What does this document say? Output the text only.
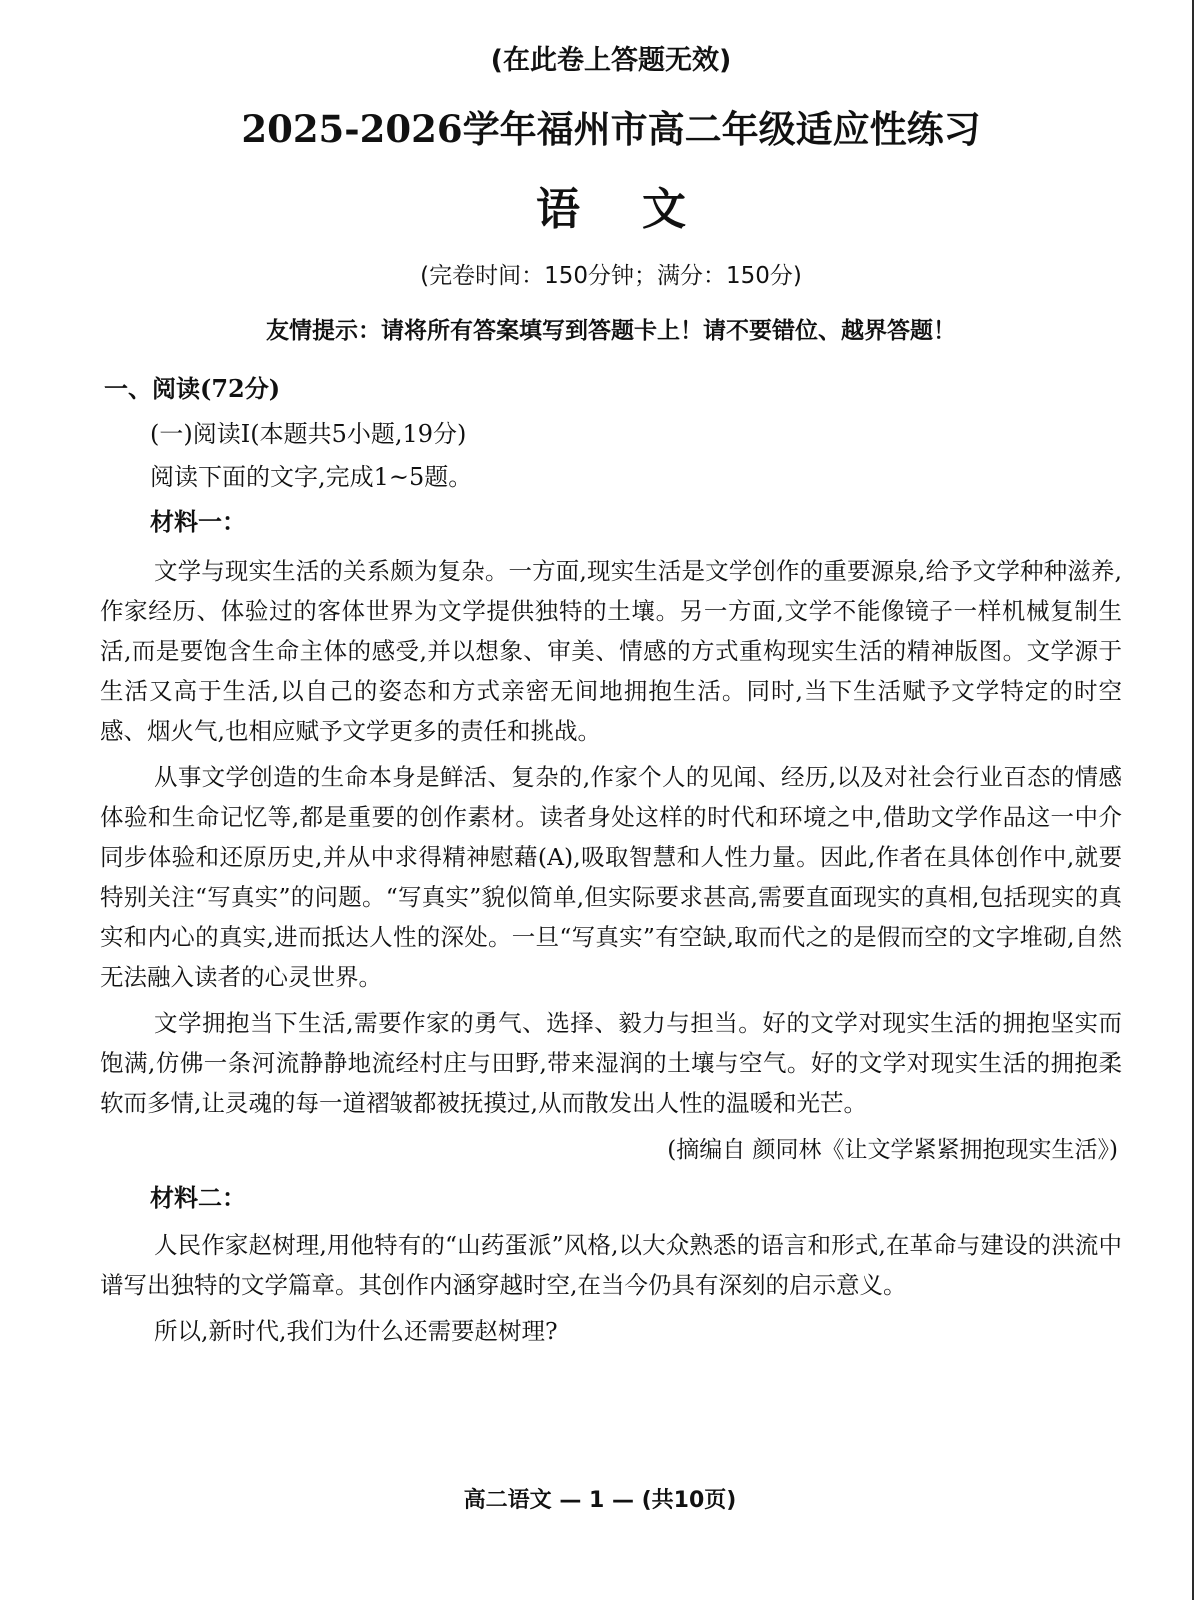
(在此卷上答题无效)
2025-2026学年福州市高二年级适应性练习
语文
(完卷时间：150分钟；满分：150分)
友情提示：请将所有答案填写到答题卡上！请不要错位、越界答题！
一、阅读(72分)
(一)阅读I(本题共5小题,19分)
阅读下面的文字,完成1~5题。
材料一：

文学与现实生活的关系颇为复杂。一方面,现实生活是文学创作的重要源泉,给予文学种种滋养,作家经历、体验过的客体世界为文学提供独特的土壤。另一方面,文学不能像镜子一样机械复制生活,而是要饱含生命主体的感受,并以想象、审美、情感的方式重构现实生活的精神版图。文学源于生活又高于生活,以自己的姿态和方式亲密无间地拥抱生活。同时,当下生活赋予文学特定的时空感、烟火气,也相应赋予文学更多的责任和挑战。

从事文学创造的生命本身是鲜活、复杂的,作家个人的见闻、经历,以及对社会行业百态的情感体验和生命记忆等,都是重要的创作素材。读者身处这样的时代和环境之中,借助文学作品这一中介同步体验和还原历史,并从中求得精神慰藉(A),吸取智慧和人性力量。因此,作者在具体创作中,就要特别关注“写真实”的问题。“写真实”貌似简单,但实际要求甚高,需要直面现实的真相,包括现实的真实和内心的真实,进而抵达人性的深处。一旦“写真实”有空缺,取而代之的是假而空的文字堆砌,自然无法融入读者的心灵世界。

文学拥抱当下生活,需要作家的勇气、选择、毅力与担当。好的文学对现实生活的拥抱坚实而饱满,仿佛一条河流静静地流经村庄与田野,带来湿润的土壤与空气。好的文学对现实生活的拥抱柔软而多情,让灵魂的每一道褶皱都被抚摸过,从而散发出人性的温暖和光芒。

(摘编自 颜同林《让文学紧紧拥抱现实生活》)
材料二：

人民作家赵树理,用他特有的“山药蛋派”风格,以大众熟悉的语言和形式,在革命与建设的洪流中谱写出独特的文学篇章。其创作内涵穿越时空,在当今仍具有深刻的启示意义。

所以,新时代,我们为什么还需要赵树理?

高二语文 — 1 — (共10页)
